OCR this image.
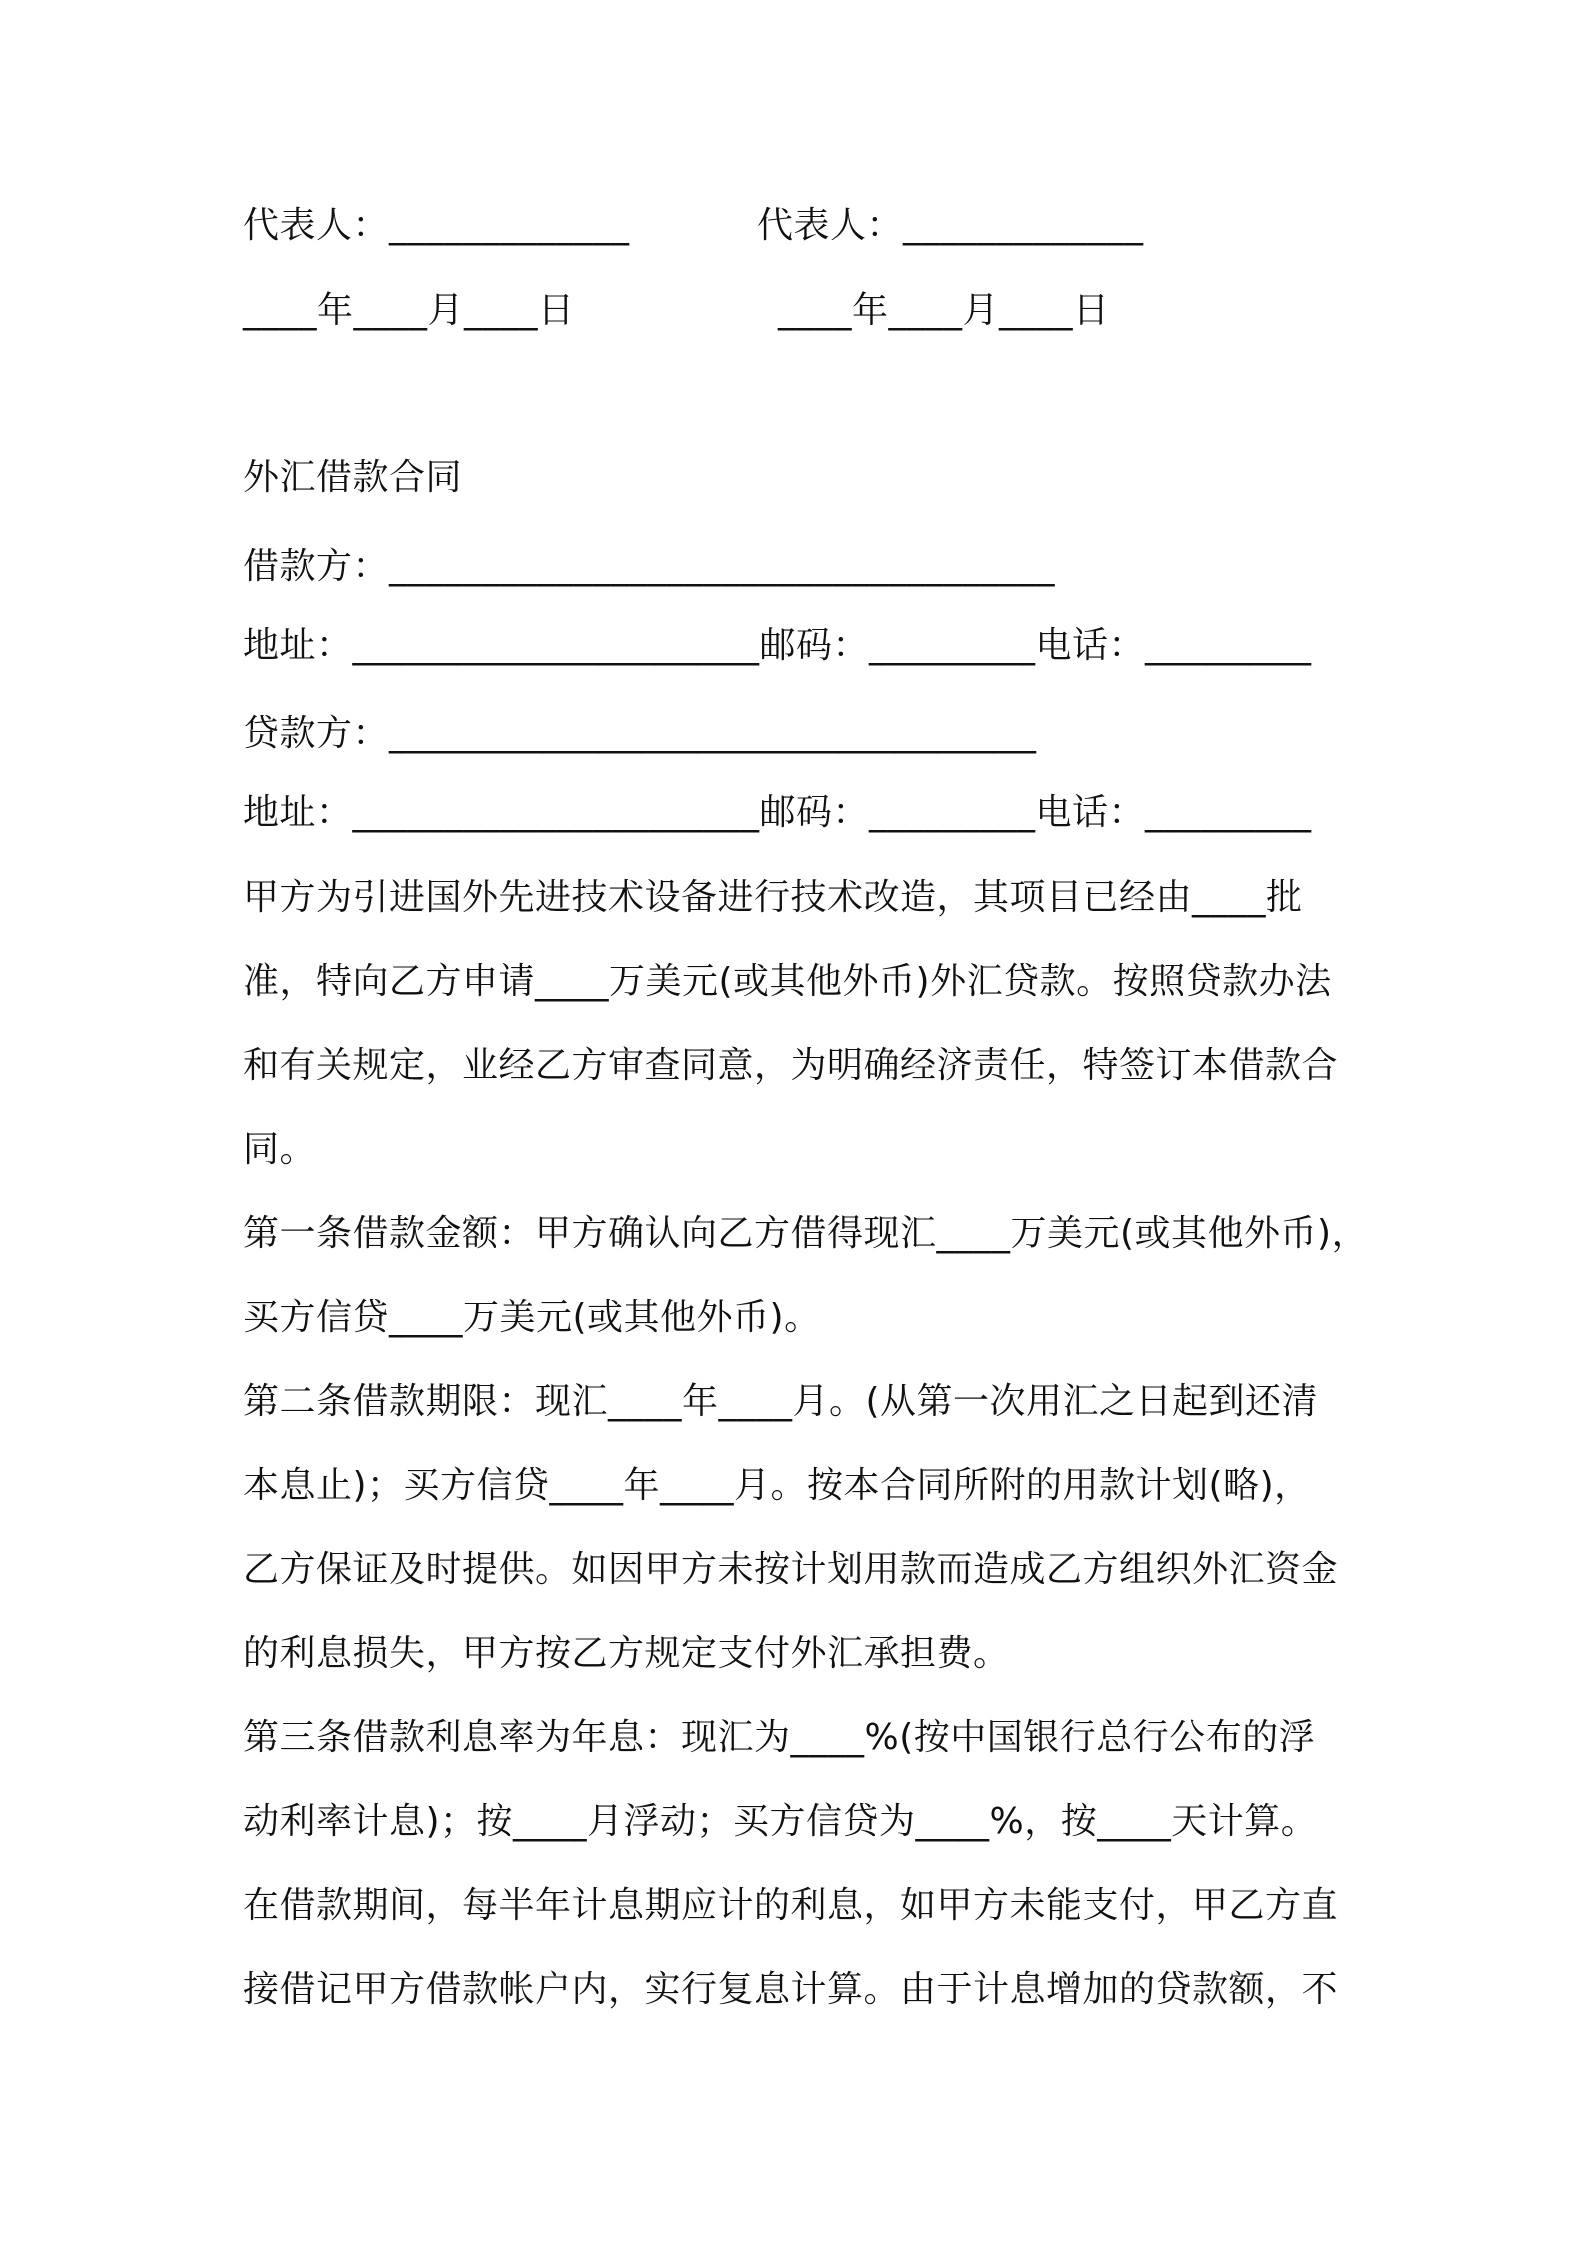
代表人：_____________	代表人：_____________
____年____月____日	____年____月____日
外汇借款合同
借款方：____________________________________
地址：______________________邮码：_________电话：_________
贷款方：___________________________________
地址：______________________邮码：_________电话：_________
甲方为引进国外先进技术设备进行技术改造，其项目已经由____批
准，特向乙方申请____万美元(或其他外币)外汇贷款。按照贷款办法
和有关规定，业经乙方审查同意，为明确经济责任，特签订本借款合
同。
第一条借款金额：甲方确认向乙方借得现汇____万美元(或其他外币)，
买方信贷____万美元(或其他外币)。
第二条借款期限：现汇____年____月。(从第一次用汇之日起到还清
本息止)；买方信贷____年____月。按本合同所附的用款计划(略)，
乙方保证及时提供。如因甲方未按计划用款而造成乙方组织外汇资金
的利息损失，甲方按乙方规定支付外汇承担费。
第三条借款利息率为年息：现汇为____%(按中国银行总行公布的浮
动利率计息)；按____月浮动；买方信贷为____%，按____天计算。
在借款期间，每半年计息期应计的利息，如甲方未能支付，甲乙方直
接借记甲方借款帐户内，实行复息计算。由于计息增加的贷款额，不
